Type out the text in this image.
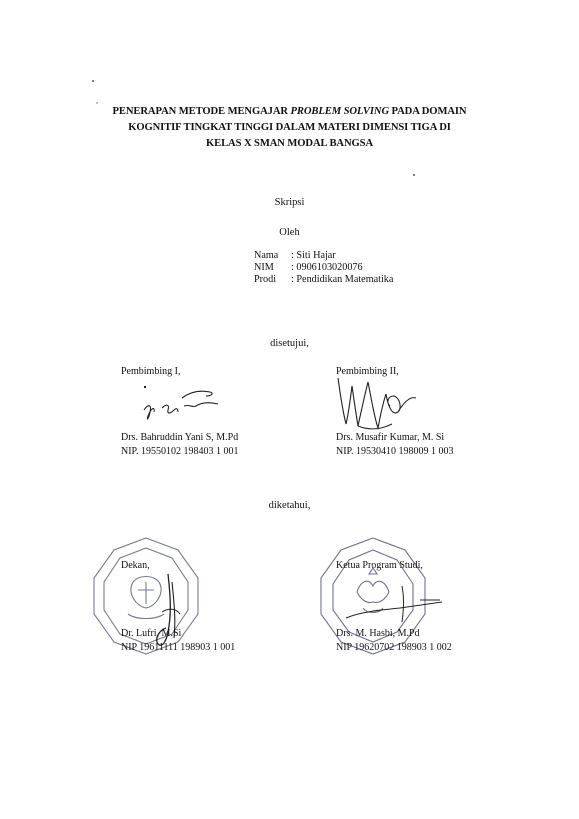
PENERAPAN METODE MENGAJAR PROBLEM SOLVING PADA DOMAIN
KOGNITIF TINGKAT TINGGI DALAM MATERI DIMENSI TIGA DI
KELAS X SMAN MODAL BANGSA
Skripsi
Oleh
Nama	: Siti Hajar
NIM	: 0906103020076
Prodi	: Pendidikan Matematika
disetujui,
Pembimbing I,
Drs. Bahruddin Yani S, M.Pd
NIP. 19550102 198403 1 001
Pembimbing II,
Drs. Musafir Kumar, M. Si
NIP. 19530410 198009 1 003
diketahui,
Dekan,
Dr. Lufri, M.Si
NIP 19611111 198903 1 001
Ketua Program Studi,
Drs. M. Hasbi, M.Pd
NIP 19620702 198903 1 002
